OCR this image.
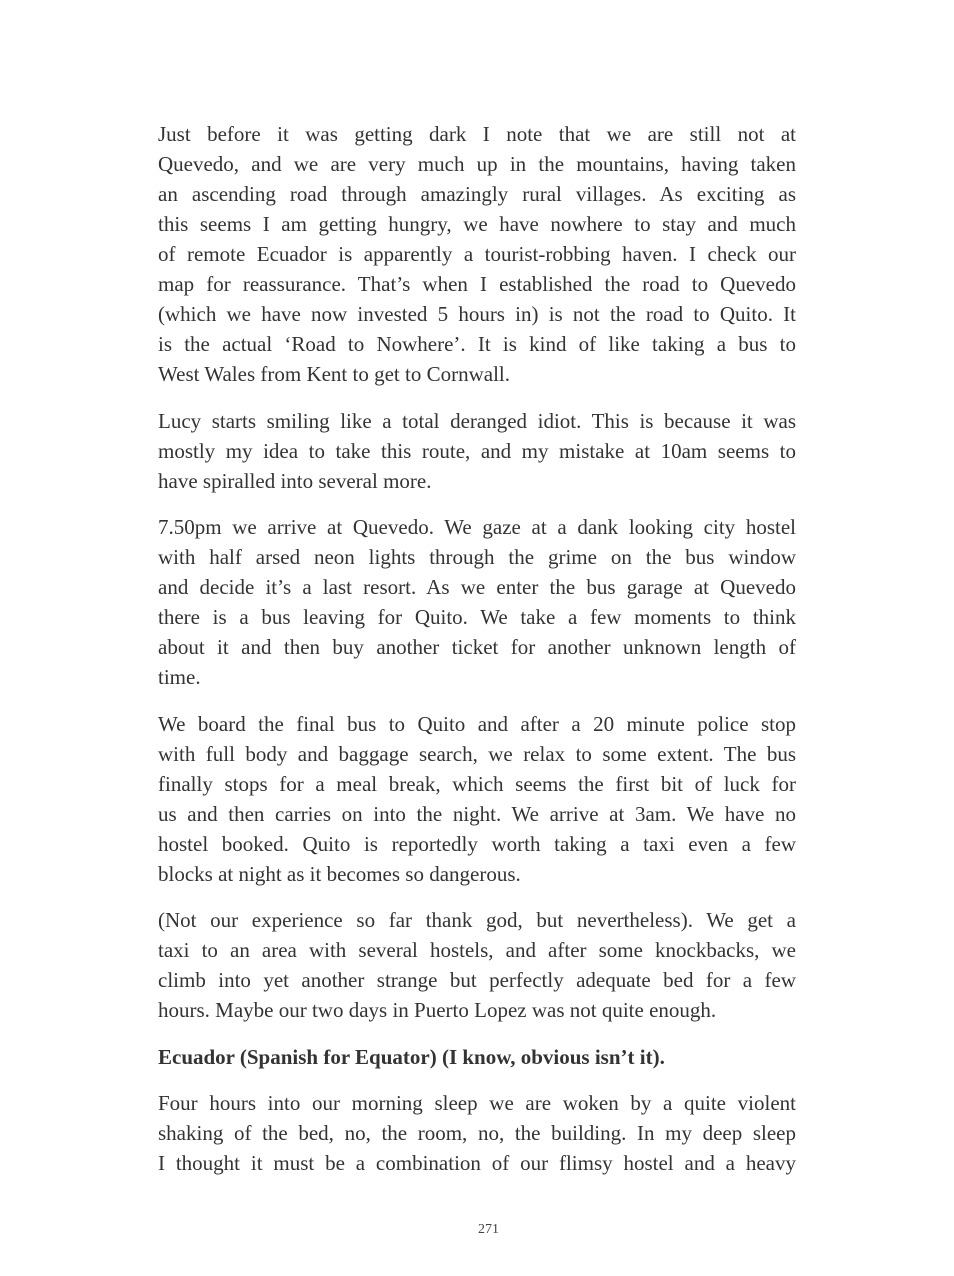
Just before it was getting dark I note that we are still not at
Quevedo, and we are very much up in the mountains, having taken
an ascending road through amazingly rural villages. As exciting as
this seems I am getting hungry, we have nowhere to stay and much
of remote Ecuador is apparently a tourist-robbing haven. I check our
map for reassurance. That’s when I established the road to Quevedo
(which we have now invested 5 hours in) is not the road to Quito. It
is the actual ‘Road to Nowhere’. It is kind of like taking a bus to
West Wales from Kent to get to Cornwall.
Lucy starts smiling like a total deranged idiot. This is because it was
mostly my idea to take this route, and my mistake at 10am seems to
have spiralled into several more.
7.50pm we arrive at Quevedo. We gaze at a dank looking city hostel
with half arsed neon lights through the grime on the bus window
and decide it’s a last resort. As we enter the bus garage at Quevedo
there is a bus leaving for Quito. We take a few moments to think
about it and then buy another ticket for another unknown length of
time.
We board the final bus to Quito and after a 20 minute police stop
with full body and baggage search, we relax to some extent. The bus
finally stops for a meal break, which seems the first bit of luck for
us and then carries on into the night. We arrive at 3am. We have no
hostel booked. Quito is reportedly worth taking a taxi even a few
blocks at night as it becomes so dangerous.
(Not our experience so far thank god, but nevertheless). We get a
taxi to an area with several hostels, and after some knockbacks, we
climb into yet another strange but perfectly adequate bed for a few
hours. Maybe our two days in Puerto Lopez was not quite enough.
Ecuador (Spanish for Equator) (I know, obvious isn’t it).
Four hours into our morning sleep we are woken by a quite violent
shaking of the bed, no, the room, no, the building. In my deep sleep
I thought it must be a combination of our flimsy hostel and a heavy
271
